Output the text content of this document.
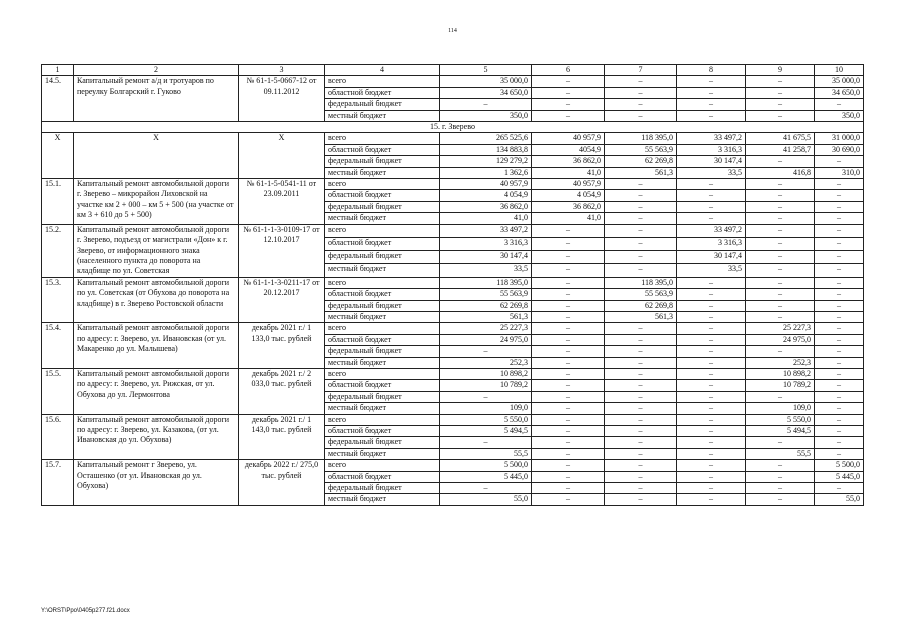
114
1	2	3	4	5	6	7	8	9	10
14.5.	Капитальный ремонт а/д и тротуаров по переулку Болгарский г. Гуково	№ 61-1-5-0667-12 от 09.11.2012	всего	35 000,0	–	–	–	–	35 000,0
			областной бюджет	34 650,0	–	–	–	–	34 650,0
			федеральный бюджет	–	–	–	–	–	–
			местный бюджет	350,0	–	–	–	–	350,0
15. г. Зверево									
Х	Х	Х	всего	265 525,6	40 957,9	118 395,0	33 497,2	41 675,5	31 000,0
			областной бюджет	134 883,8	4054,9	55 563,9	3 316,3	41 258,7	30 690,0
			федеральный бюджет	129 279,2	36 862,0	62 269,8	30 147,4	–	–
			местный бюджет	1 362,6	41,0	561,3	33,5	416,8	310,0
15.1.	Капитальный ремонт автомобильной дороги г. Зверево – микрорайон Лиховской на участке км 2 + 000 – км 5 + 500 (на участке от км 3 + 610 до 5 + 500)	№ 61-1-5-0541-11 от 23.09.2011	всего	40 957,9	40 957,9	–	–	–	–
			областной бюджет	4 054,9	4 054,9	–	–	–	–
			федеральный бюджет	36 862,0	36 862,0	–	–	–	–
			местный бюджет	41,0	41,0	–	–	–	–
15.2.	Капитальный ремонт автомобильной дороги г. Зверево, подъезд от магистрали «Дон» к г. Зверево, от информационного знака (населенного пункта до поворота на кладбище по ул. Советская	№ 61-1-1-3-0109-17 от 12.10.2017	всего	33 497,2	–	–	33 497,2	–	–
			областной бюджет	3 316,3	–	–	3 316,3	–	–
			федеральный бюджет	30 147,4	–	–	30 147,4	–	–
			местный бюджет	33,5	–	–	33,5	–	–
15.3.	Капитальный ремонт автомобильной дороги по ул. Советская (от Обухова до поворота на кладбище) в г. Зверево Ростовской области	№ 61-1-1-3-0211-17 от 20.12.2017	всего	118 395,0	–	118 395,0	–	–	–
			областной бюджет	55 563,9	–	55 563,9	–	–	–
			федеральный бюджет	62 269,8	–	62 269,8	–	–	–
			местный бюджет	561,3	–	561,3	–	–	–
15.4.	Капитальный ремонт автомобильной дороги по адресу: г. Зверево, ул. Ивановская (от ул. Макаренко до ул. Малышева)	декабрь 2021 г./ 1 133,0 тыс. рублей	всего	25 227,3	–	–	–	25 227,3	–
			областной бюджет	24 975,0	–	–	–	24 975,0	–
			федеральный бюджет	–	–	–	–	–	–
			местный бюджет	252,3	–	–	–	252,3	–
15.5.	Капитальный ремонт автомобильной дороги по адресу: г. Зверево, ул. Рижская, от ул. Обухова до ул. Лермонтова	декабрь 2021 г./ 2 033,0 тыс. рублей	всего	10 898,2	–	–	–	10 898,2	–
			областной бюджет	10 789,2	–	–	–	10 789,2	–
			федеральный бюджет	–	–	–	–	–	–
			местный бюджет	109,0	–	–	–	109,0	–
15.6.	Капитальный ремонт автомобильной дороги по адресу: г. Зверево, ул. Казакова, (от ул. Ивановская до ул. Обухова)	декабрь 2021 г./ 1 143,0 тыс. рублей	всего	5 550,0	–	–	–	5 550,0	–
			областной бюджет	5 494,5	–	–	–	5 494,5	–
			федеральный бюджет	–	–	–	–	–	–
			местный бюджет	55,5	–	–	–	55,5	–
15.7.	Капитальный ремонт г Зверево, ул. Осташенко (от ул. Ивановская до ул. Обухова)	декабрь 2022 г./ 275,0 тыс. рублей	всего	5 500,0	–	–	–	–	5 500,0
			областной бюджет	5 445,0	–	–	–	–	5 445,0
			федеральный бюджет	–	–	–	–	–	–
			местный бюджет	55,0	–	–	–	–	55,0
Y:\ORST\Ppo\0405p277.f21.docx
